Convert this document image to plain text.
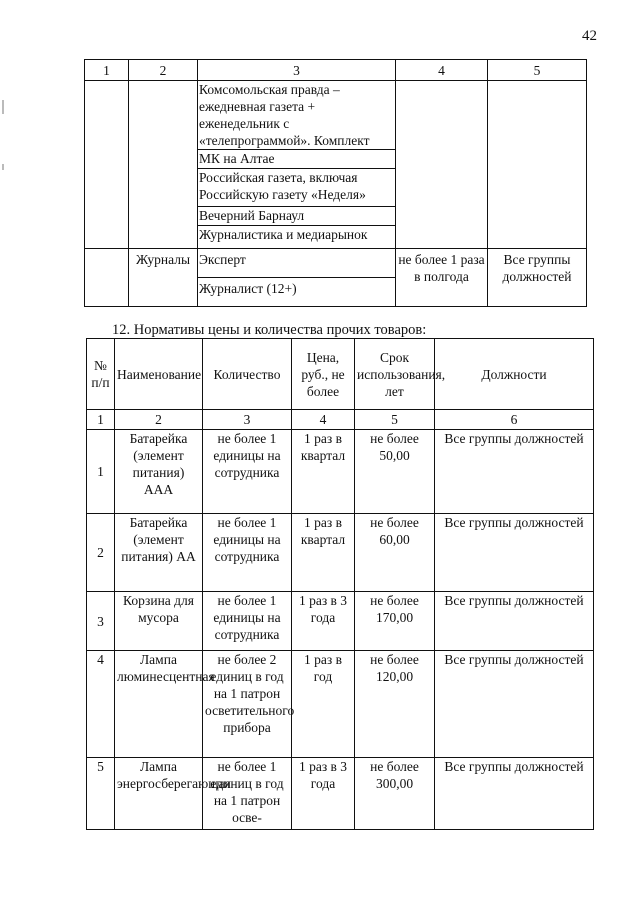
42
1	2	3	4	5
		Комсомольская правда – ежедневная газета + еженедельник с «телепрограммой». Комплект		
		МК на Алтае		
		Российская газета, включая Российскую газету «Неделя»		
		Вечерний Барнаул		
		Журналистика и медиарынок		
	Журналы	Эксперт	не более 1 раза в полгода	Все группы должностей
		Журналист (12+)		
12. Нормативы цены и количества прочих товаров:
№ п/п	Наименование	Количество	Цена, руб., не более	Срок использования, лет	Должности
1	2	3	4	5	6
1	Батарейка (элемент питания) ААА	не более 1 единицы на сотрудника	1 раз в квартал	не более 50,00	Все группы должностей
2	Батарейка (элемент питания) АА	не более 1 единицы на сотрудника	1 раз в квартал	не более 60,00	Все группы должностей
3	Корзина для мусора	не более 1 единицы на сотрудника	1 раз в 3 года	не более 170,00	Все группы должностей
4	Лампа люминесцентная	не более 2 единиц в год на 1 патрон осветительного прибора	1 раз в год	не более 120,00	Все группы должностей
5	Лампа энергосберегающая	не более 1 единиц в год на 1 патрон осве-	1 раз в 3 года	не более 300,00	Все группы должностей
